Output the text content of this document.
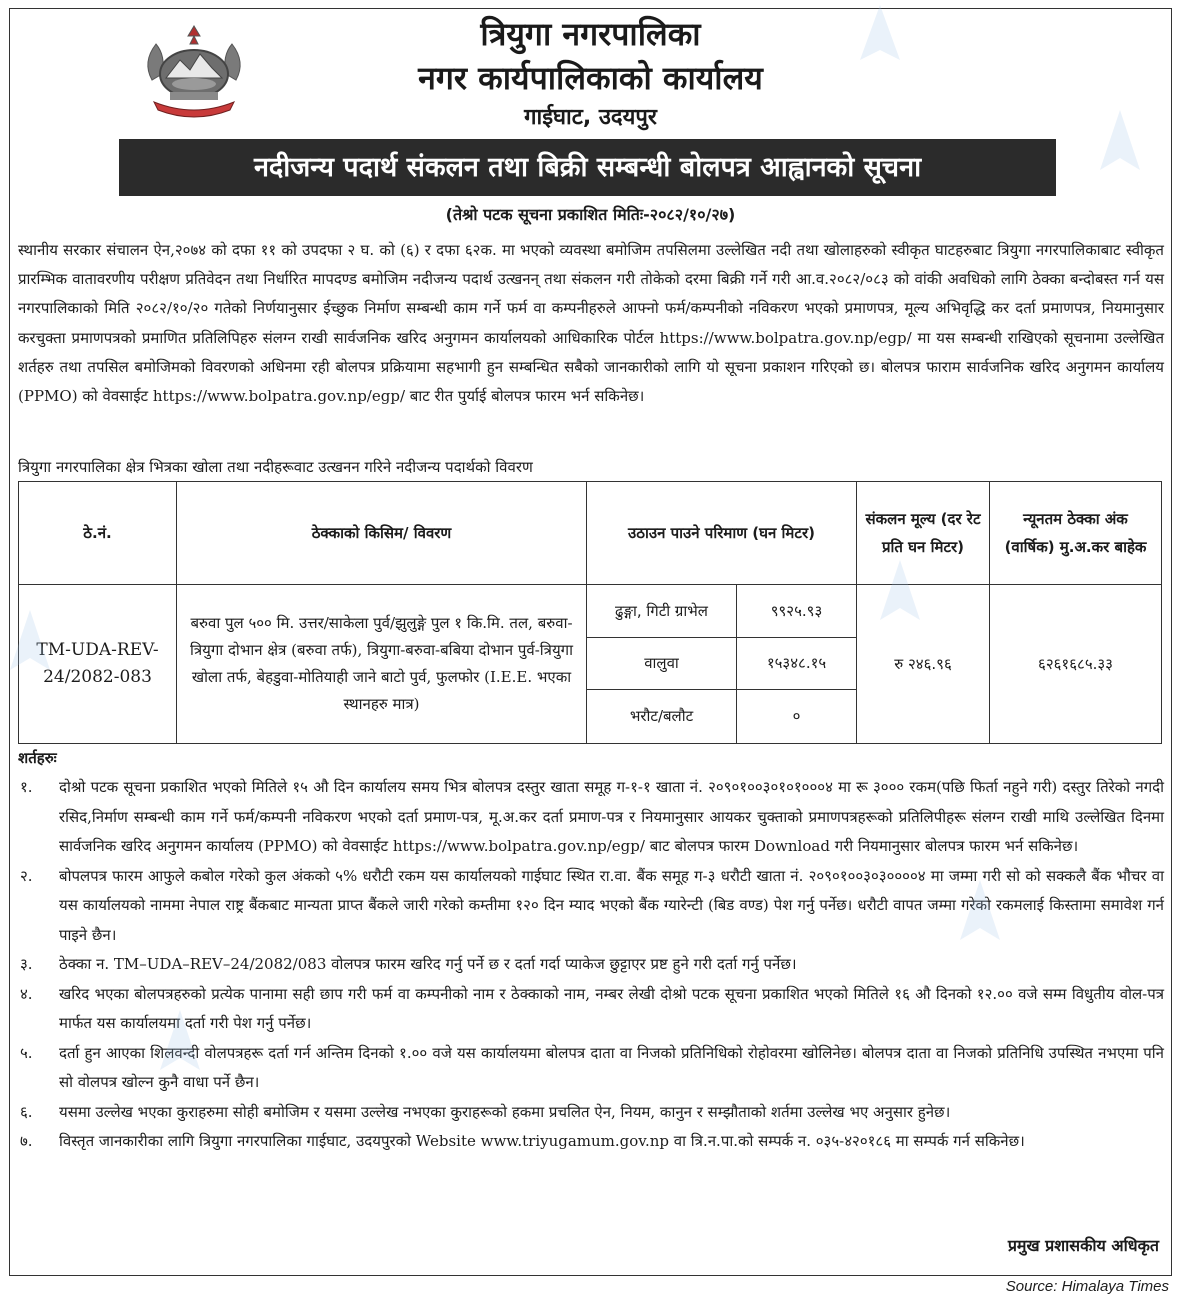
त्रियुगा नगरपालिका
नगर कार्यपालिकाको कार्यालय
गाईघाट, उदयपुर
नदीजन्य पदार्थ संकलन तथा बिक्री सम्बन्धी बोलपत्र आह्वानको सूचना
(तेश्रो पटक सूचना प्रकाशित मितिः-२०८२/१०/२७)

स्थानीय सरकार संचालन ऐन,२०७४ को दफा ११ को उपदफा २ घ. को (६) र दफा ६२क. मा भएको व्यवस्था बमोजिम तपसिलमा उल्लेखित नदी तथा खोलाहरुको स्वीकृत घाटहरुबाट त्रियुगा नगरपालिकाबाट स्वीकृत प्रारम्भिक वातावरणीय परीक्षण प्रतिवेदन तथा निर्धारित मापदण्ड बमोजिम नदीजन्य पदार्थ उत्खनन् तथा संकलन गरी तोकेको दरमा बिक्री गर्ने गरी आ.व.२०८२/०८३ को वांकी अवधिको लागि ठेक्का बन्दोबस्त गर्न यस नगरपालिकाको मिति २०८२/१०/२० गतेको निर्णयानुसार ईच्छुक निर्माण सम्बन्धी काम गर्ने फर्म वा कम्पनीहरुले आफ्नो फर्म/कम्पनीको नविकरण भएको प्रमाणपत्र, मूल्य अभिवृद्धि कर दर्ता प्रमाणपत्र, नियमानुसार करचुक्ता प्रमाणपत्रको प्रमाणित प्रतिलिपिहरु संलग्न राखी सार्वजनिक खरिद अनुगमन कार्यालयको आधिकारिक पोर्टल https://www.bolpatra.gov.np/egp/ मा यस सम्बन्धी राखिएको सूचनामा उल्लेखित शर्तहरु तथा तपसिल बमोजिमको विवरणको अधिनमा रही बोलपत्र प्रक्रियामा सहभागी हुन सम्बन्धित सबैको जानकारीको लागि यो सूचना प्रकाशन गरिएको छ। बोलपत्र फाराम सार्वजनिक खरिद अनुगमन कार्यालय (PPMO) को वेवसाईट https://www.bolpatra.gov.np/egp/ बाट रीत पुर्याई बोलपत्र फारम भर्न सकिनेछ।

त्रियुगा नगरपालिका क्षेत्र भित्रका खोला तथा नदीहरूवाट उत्खनन गरिने नदीजन्य पदार्थको विवरण

ठे.नं.	ठेक्काको किसिम/ विवरण	उठाउन पाउने परिमाण (घन मिटर)		संकलन मूल्य (दर रेट प्रति घन मिटर)	न्यूनतम ठेक्का अंक (वार्षिक) मु.अ.कर बाहेक
TM-UDA-REV-24/2082-083	बरुवा पुल ५०० मि. उत्तर/साकेला पुर्व/झुलुङ्गे पुल १ कि.मि. तल, बरुवा-त्रियुगा दोभान क्षेत्र (बरुवा तर्फ), त्रियुगा-बरुवा-बबिया दोभान पुर्व-त्रियुगा खोला तर्फ, बेहडुवा-मोतियाही जाने बाटो पुर्व, फुलफोर (I.E.E. भएका स्थानहरु मात्र)	ढुङ्गा, गिटी ग्राभेल	९९२५.९३	रु २४६.९६	६२६१६८५.३३
		वालुवा	१५३४८.१५		
		भरौट/बलौट	०		
शर्तहरुः
१. दोश्रो पटक सूचना प्रकाशित भएको मितिले १५ औ दिन कार्यालय समय भित्र बोलपत्र दस्तुर खाता समूह ग-१-१ खाता नं. २०९०१००३०१०१०००४ मा रू ३००० रकम(पछि फिर्ता नहुने गरी) दस्तुर तिरेको नगदी रसिद,निर्माण सम्बन्धी काम गर्ने फर्म/कम्पनी नविकरण भएको दर्ता प्रमाण-पत्र, मू.अ.कर दर्ता प्रमाण-पत्र र नियमानुसार आयकर चुक्ताको प्रमाणपत्रहरूको प्रतिलिपीहरू संलग्न राखी माथि उल्लेखित दिनमा सार्वजनिक खरिद अनुगमन कार्यालय (PPMO) को वेवसाईट https://www.bolpatra.gov.np/egp/ बाट बोलपत्र फारम Download गरी नियमानुसार बोलपत्र फारम भर्न सकिनेछ।
२. बोपलपत्र फारम आफुले कबोल गरेको कुल अंकको ५% धरौटी रकम यस कार्यालयको गाईघाट स्थित रा.वा. बैंक समूह ग-३ धरौटी खाता नं. २०९०१००३०३००००४ मा जम्मा गरी सो को सक्कलै बैंक भौचर वा यस कार्यालयको नाममा नेपाल राष्ट्र बैंकबाट मान्यता प्राप्त बैंकले जारी गरेको कम्तीमा १२० दिन म्याद भएको बैंक ग्यारेन्टी (बिड वण्ड) पेश गर्नु पर्नेछ। धरौटी वापत जम्मा गरेको रकमलाई किस्तामा समावेश गर्न पाइने छैन।
३. ठेक्का न. TM–UDA–REV–24/2082/083 वोलपत्र फारम खरिद गर्नु पर्ने छ र दर्ता गर्दा प्याकेज छुट्टाएर प्रष्ट हुने गरी दर्ता गर्नु पर्नेछ।
४. खरिद भएका बोलपत्रहरुको प्रत्येक पानामा सही छाप गरी फर्म वा कम्पनीको नाम र ठेक्काको नाम, नम्बर लेखी दोश्रो पटक सूचना प्रकाशित भएको मितिले १६ औ दिनको १२.०० वजे सम्म विधुतीय वोल-पत्र मार्फत यस कार्यालयमा दर्ता गरी पेश गर्नु पर्नेछ।
५. दर्ता हुन आएका शिलवन्दी वोलपत्रहरू दर्ता गर्न अन्तिम दिनको १.०० वजे यस कार्यालयमा बोलपत्र दाता वा निजको प्रतिनिधिको रोहोवरमा खोलिनेछ। बोलपत्र दाता वा निजको प्रतिनिधि उपस्थित नभएमा पनि सो वोलपत्र खोल्न कुनै वाधा पर्ने छैन।
६. यसमा उल्लेख भएका कुराहरुमा सोही बमोजिम र यसमा उल्लेख नभएका कुराहरूको हकमा प्रचलित ऐन, नियम, कानुन र सम्झौताको शर्तमा उल्लेख भए अनुसार हुनेछ।
७. विस्तृत जानकारीका लागि त्रियुगा नगरपालिका गाईघाट, उदयपुरको Website www.triyugamum.gov.np वा त्रि.न.पा.को सम्पर्क न. ०३५-४२०१८६ मा सम्पर्क गर्न सकिनेछ।
प्रमुख प्रशासकीय अधिकृत
Source: Himalaya Times
